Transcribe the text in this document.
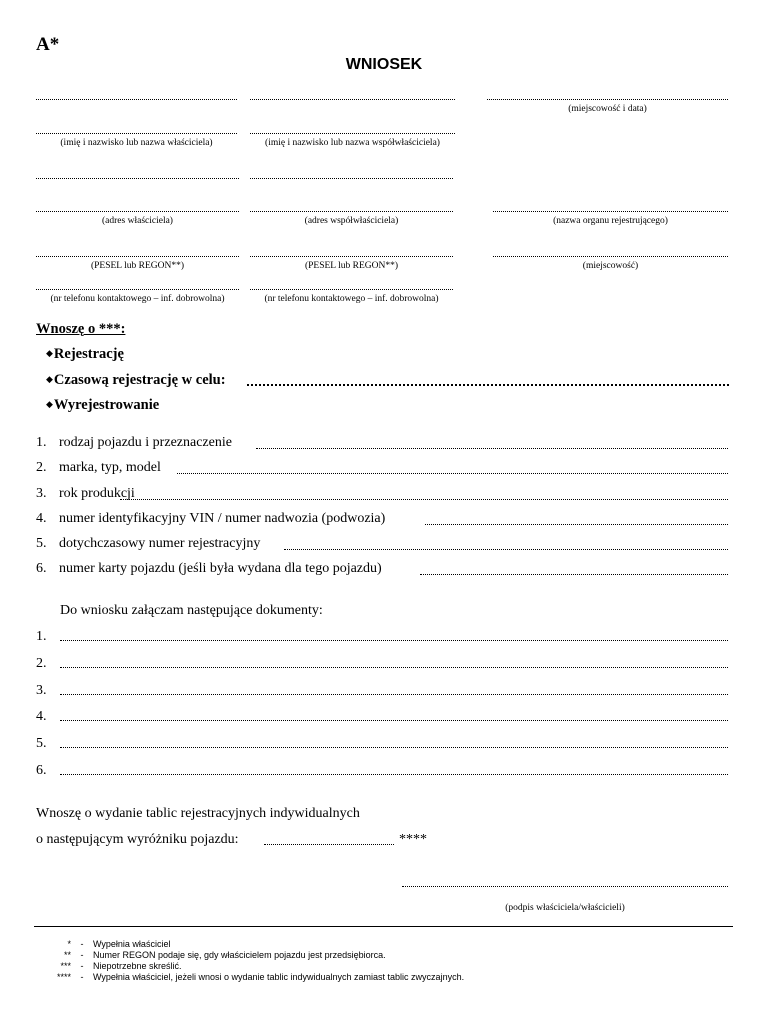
A*
WNIOSEK
(miejscowość i data)
(imię i nazwisko lub nazwa właściciela)	(imię i nazwisko lub nazwa współwłaściciela)
(adres właściciela)	(adres współwłaściciela)	(nazwa organu rejestrującego)
(PESEL lub REGON**)	(PESEL lub REGON**)	(miejscowość)
(nr telefonu kontaktowego – inf. dobrowolna)	(nr telefonu kontaktowego – inf. dobrowolna)
Wnoszę o ***:
◆Rejestrację
◆Czasową rejestrację w celu:
◆Wyrejestrowanie
1. rodzaj pojazdu i przeznaczenie
2. marka, typ, model
3. rok produkcji
4. numer identyfikacyjny VIN / numer nadwozia (podwozia)
5. dotychczasowy numer rejestracyjny
6. numer karty pojazdu (jeśli była wydana dla tego pojazdu)
Do wniosku załączam następujące dokumenty:
1.
2.
3.
4.
5.
6.
Wnoszę o wydanie tablic rejestracyjnych indywidualnych
o następującym wyróżniku pojazdu:	****
(podpis właściciela/właścicieli)
* - Wypełnia właściciel
** - Numer REGON podaje się, gdy właścicielem pojazdu jest przedsiębiorca.
*** - Niepotrzebne skreślić.
**** - Wypełnia właściciel, jeżeli wnosi o wydanie tablic indywidualnych zamiast tablic zwyczajnych.
